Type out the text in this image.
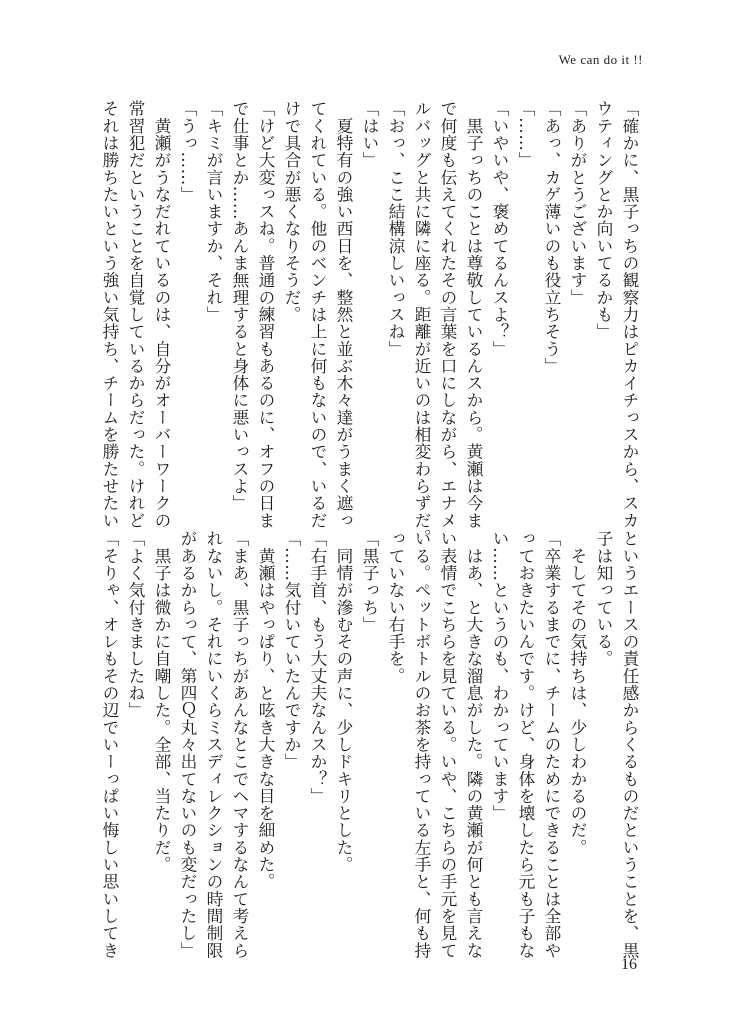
We can do it !!
「確かに、黒子っちの観察力はピカイチっスから、スカ
ウティングとか向いてるかも」
「ありがとうございます」
「あっ、カゲ薄いのも役立ちそう」
「……」
「いやいや、褒めてるんスよ？」
　黒子っちのことは尊敬しているんスから。黄瀬は今ま
で何度も伝えてくれたその言葉を口にしながら、エナメ
ルバッグと共に隣に座る。距離が近いのは相変わらずだ。
「おっ、ここ結構涼しいっスね」
「はい」
　夏特有の強い西日を、整然と並ぶ木々達がうまく遮っ
てくれている。他のベンチは上に何もないので、いるだ
けで具合が悪くなりそうだ。
「けど大変っスね。普通の練習もあるのに、オフの日ま
で仕事とか……あんま無理すると身体に悪いっスよ」
「キミが言いますか、それ」
「うっ……」
　黄瀬がうなだれているのは、自分がオーバーワークの
常習犯だということを自覚しているからだった。けれど
それは勝ちたいという強い気持ち、チームを勝たせたい
というエースの責任感からくるものだということを、黒
子は知っている。
　そしてその気持ちは、少しわかるのだ。
「卒業するまでに、チームのためにできることは全部や
っておきたいんです。けど、身体を壊したら元も子もな
い……というのも、わかっています」
　はあ、と大きな溜息がした。隣の黄瀬が何とも言えな
い表情でこちらを見ている。いや、こちらの手元を見て
いる。ペットボトルのお茶を持っている左手と、何も持
っていない右手を。
「黒子っち」
　同情が滲むその声に、少しドキリとした。
「右手首、もう大丈夫なんスか？」
「……気付いていたんですか」
　黄瀬はやっぱり、と呟き大きな目を細めた。
「まあ、黒子っちがあんなとこでヘマするなんて考えら
れないし。それにいくらミスディレクションの時間制限
があるからって、第四Ｑ丸々出てないのも変だったし」
　黒子は微かに自嘲した。全部、当たりだ。
「よく気付きましたね」
「そりゃ、オレもその辺でいーっぱい悔しい思いしてき
16
